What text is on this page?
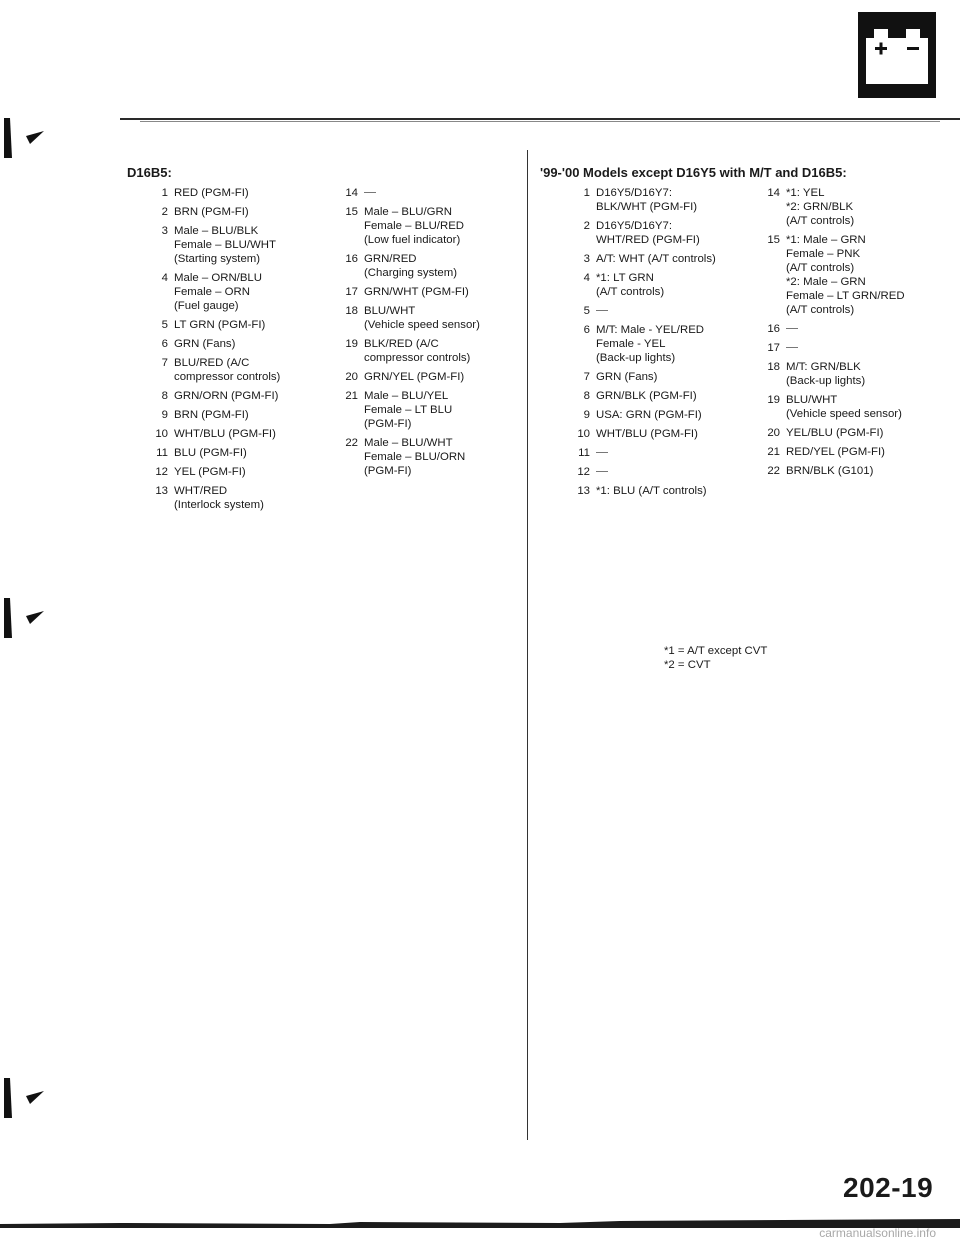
D16B5:
1 RED (PGM-FI)
2 BRN (PGM-FI)
3 Male – BLU/BLK
Female – BLU/WHT
(Starting system)
4 Male – ORN/BLU
Female – ORN
(Fuel gauge)
5 LT GRN (PGM-FI)
6 GRN (Fans)
7 BLU/RED (A/C
compressor controls)
8 GRN/ORN (PGM-FI)
9 BRN (PGM-FI)
10 WHT/BLU (PGM-FI)
11 BLU (PGM-FI)
12 YEL (PGM-FI)
13 WHT/RED
(Interlock system)
14
15 Male – BLU/GRN
Female – BLU/RED
(Low fuel indicator)
16 GRN/RED
(Charging system)
17 GRN/WHT (PGM-FI)
18 BLU/WHT
(Vehicle speed sensor)
19 BLK/RED (A/C
compressor controls)
20 GRN/YEL (PGM-FI)
21 Male – BLU/YEL
Female – LT BLU
(PGM-FI)
22 Male – BLU/WHT
Female – BLU/ORN
(PGM-FI)
'99-'00 Models except D16Y5 with M/T and D16B5:
1 D16Y5/D16Y7:
BLK/WHT (PGM-FI)
2 D16Y5/D16Y7:
WHT/RED (PGM-FI)
3 A/T: WHT (A/T controls)
4 *1: LT GRN
(A/T controls)
5
6 M/T: Male - YEL/RED
Female - YEL
(Back-up lights)
7 GRN (Fans)
8 GRN/BLK (PGM-FI)
9 USA: GRN (PGM-FI)
10 WHT/BLU (PGM-FI)
11
12
13 *1: BLU (A/T controls)
14 *1: YEL
*2: GRN/BLK
(A/T controls)
15 *1: Male – GRN
Female – PNK
(A/T controls)
*2: Male – GRN
Female – LT GRN/RED
(A/T controls)
16
17
18 M/T: GRN/BLK
(Back-up lights)
19 BLU/WHT
(Vehicle speed sensor)
20 YEL/BLU (PGM-FI)
21 RED/YEL (PGM-FI)
22 BRN/BLK (G101)
*1 = A/T except CVT
*2 = CVT
202-19
carmanualsonline.info
